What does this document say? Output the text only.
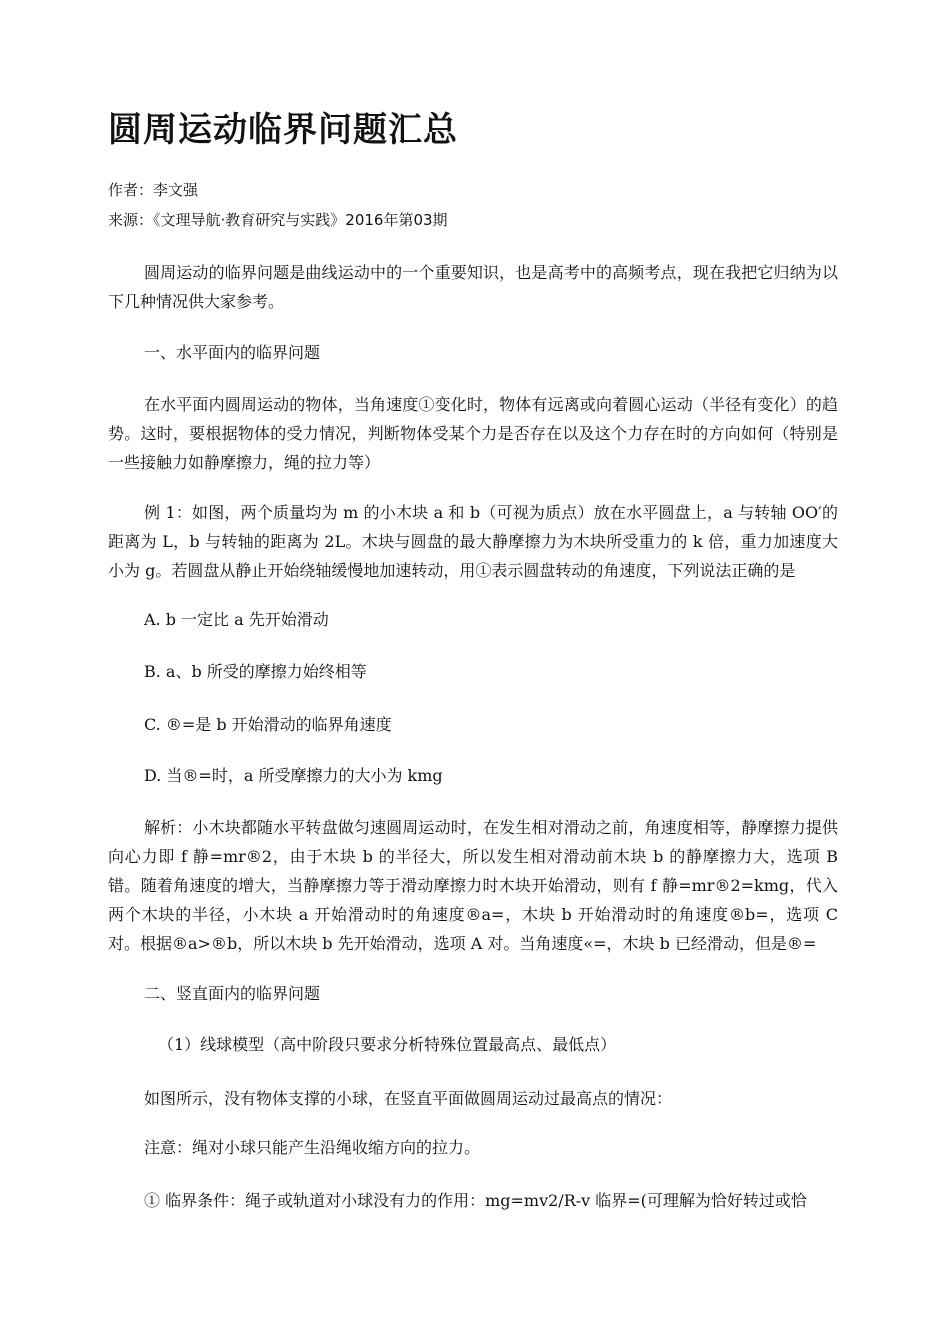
圆周运动临界问题汇总
作者：李文强
来源：《文理导航·教育研究与实践》2016年第03期

圆周运动的临界问题是曲线运动中的一个重要知识，也是高考中的高频考点，现在我把它归纳为以下几种情况供大家参考。

一、水平面内的临界问题

在水平面内圆周运动的物体，当角速度①变化时，物体有远离或向着圆心运动（半径有变化）的趋势。这时，要根据物体的受力情况，判断物体受某个力是否存在以及这个力存在时的方向如何（特别是一些接触力如静摩擦力，绳的拉力等）

例 1：如图，两个质量均为 m 的小木块 a 和 b（可视为质点）放在水平圆盘上，a 与转轴 OO′的距离为 L，b 与转轴的距离为 2L。木块与圆盘的最大静摩擦力为木块所受重力的 k 倍，重力加速度大小为 g。若圆盘从静止开始绕轴缓慢地加速转动，用①表示圆盘转动的角速度，下列说法正确的是

A. b 一定比 a 先开始滑动

B. a、b 所受的摩擦力始终相等

C. ®=是 b 开始滑动的临界角速度

D. 当®=时，a 所受摩擦力的大小为 kmg

解析：小木块都随水平转盘做匀速圆周运动时，在发生相对滑动之前，角速度相等，静摩擦力提供向心力即 f 静=mr®2，由于木块 b 的半径大，所以发生相对滑动前木块 b 的静摩擦力大，选项 B 错。随着角速度的增大，当静摩擦力等于滑动摩擦力时木块开始滑动，则有 f 静=mr®2=kmg，代入两个木块的半径，小木块 a 开始滑动时的角速度®a=，木块 b 开始滑动时的角速度®b=，选项 C 对。根据®a>®b，所以木块 b 先开始滑动，选项 A 对。当角速度«=，木块 b 已经滑动，但是®=

二、竖直面内的临界问题

（1）线球模型（高中阶段只要求分析特殊位置最高点、最低点）

如图所示，没有物体支撑的小球，在竖直平面做圆周运动过最高点的情况：

注意：绳对小球只能产生沿绳收缩方向的拉力。

① 临界条件：绳子或轨道对小球没有力的作用：mg=mv2/R-v 临界=(可理解为恰好转过或恰
